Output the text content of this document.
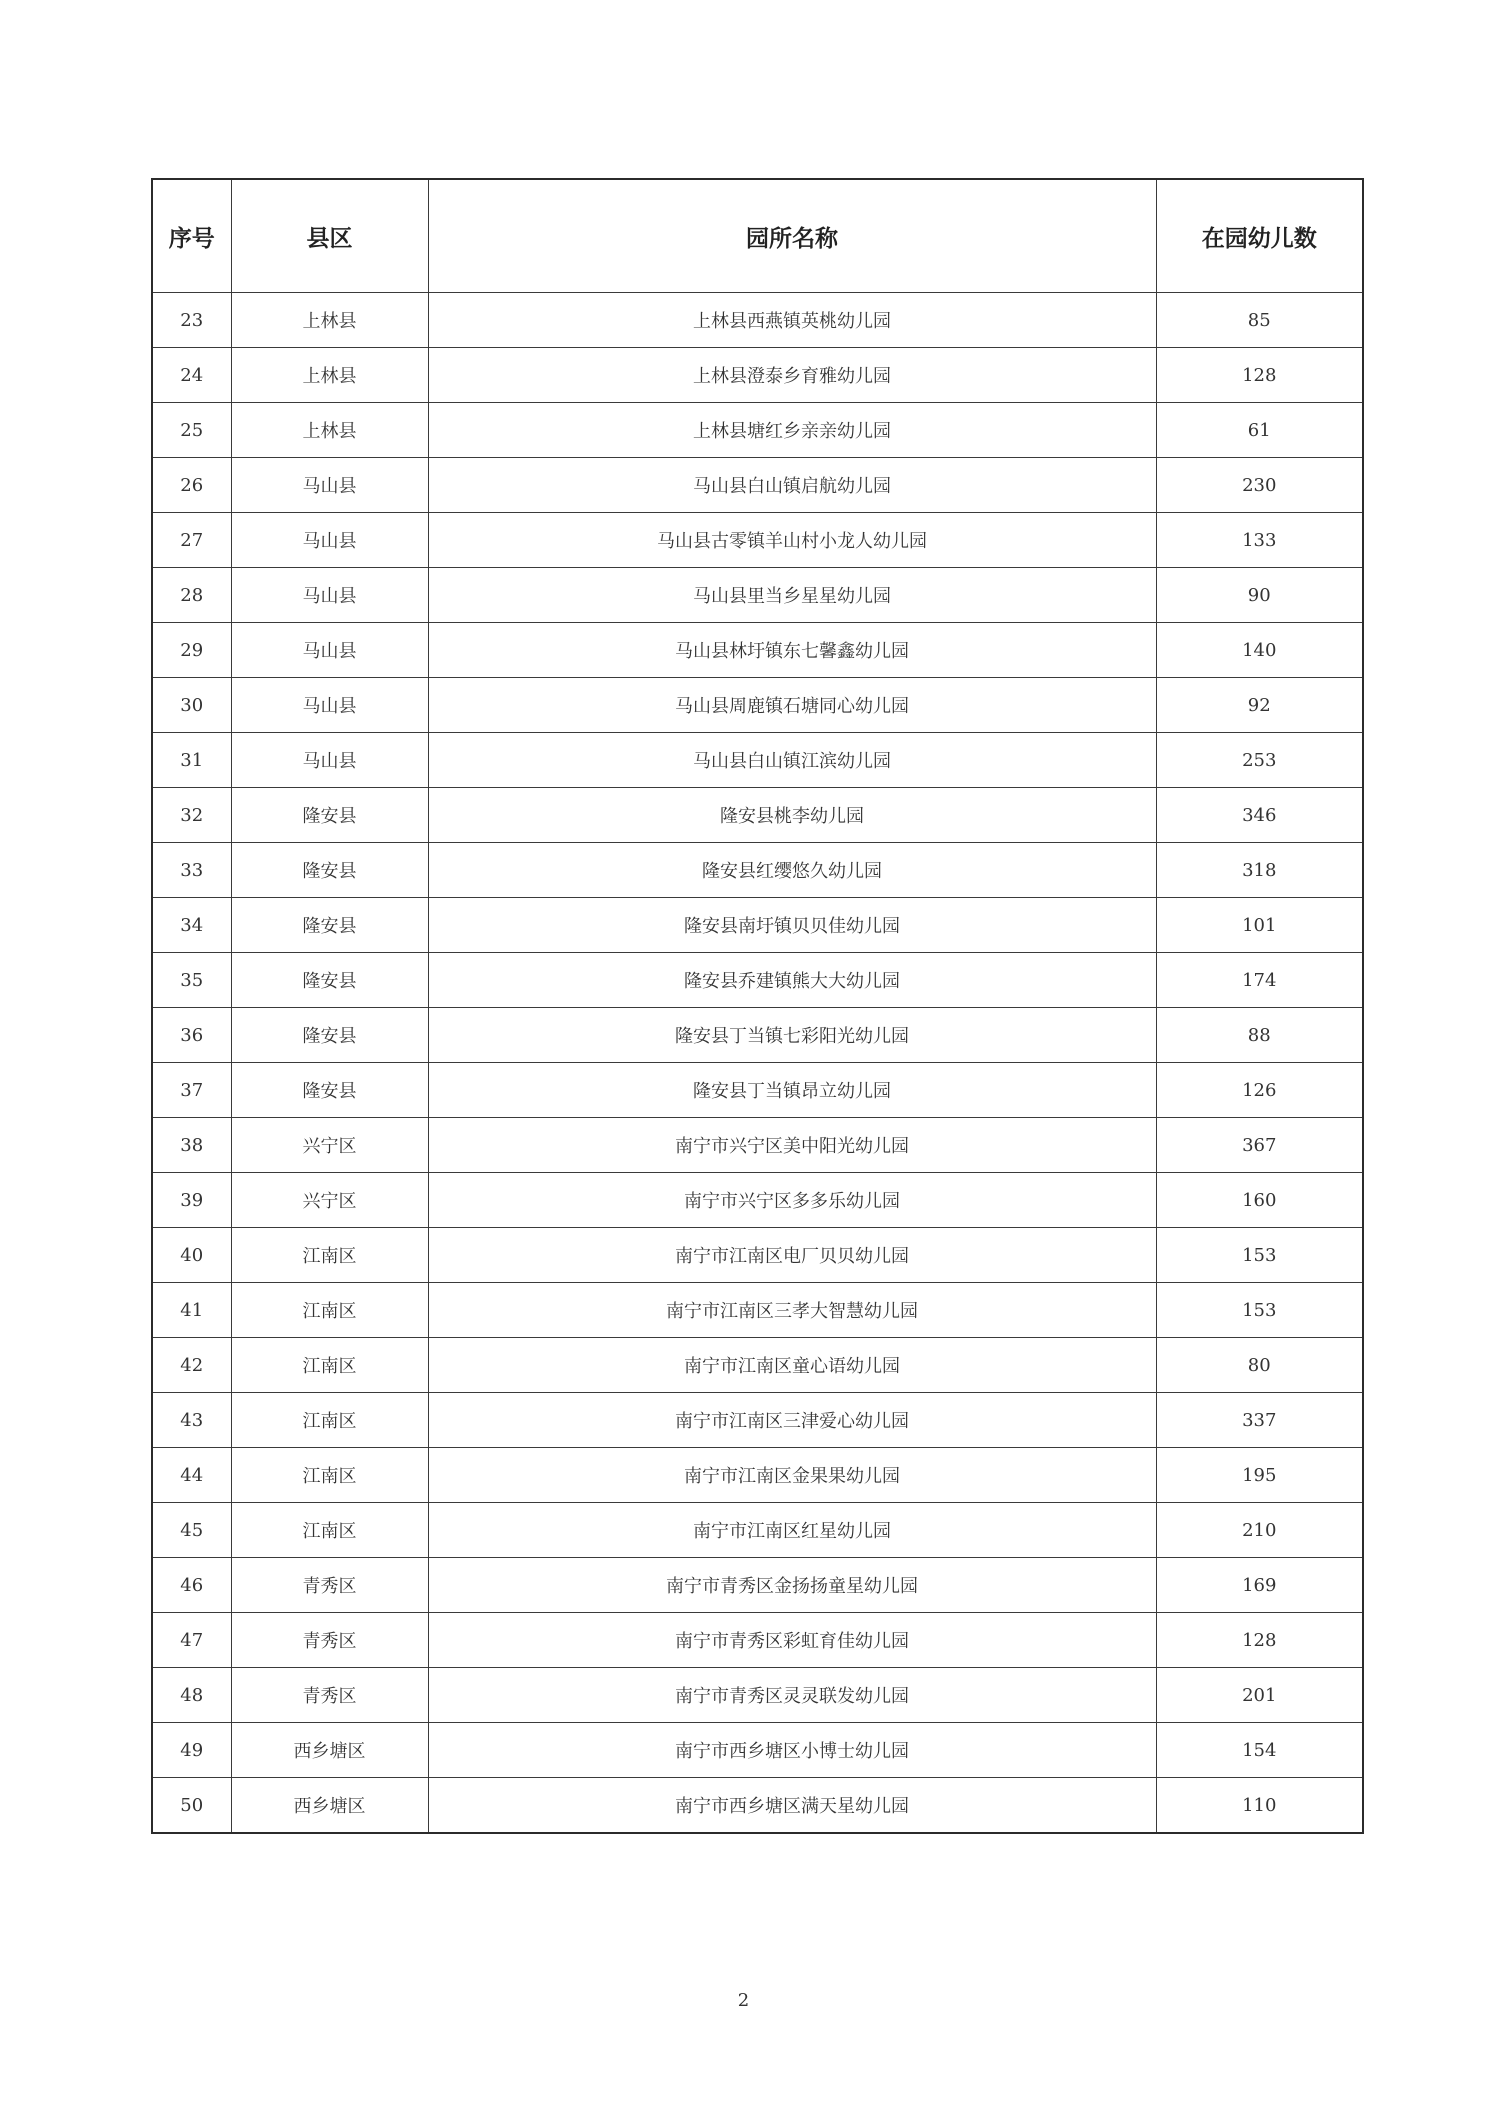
序号	县区	园所名称	在园幼儿数
23	上林县	上林县西燕镇英桃幼儿园	85
24	上林县	上林县澄泰乡育雅幼儿园	128
25	上林县	上林县塘红乡亲亲幼儿园	61
26	马山县	马山县白山镇启航幼儿园	230
27	马山县	马山县古零镇羊山村小龙人幼儿园	133
28	马山县	马山县里当乡星星幼儿园	90
29	马山县	马山县林圩镇东七馨鑫幼儿园	140
30	马山县	马山县周鹿镇石塘同心幼儿园	92
31	马山县	马山县白山镇江滨幼儿园	253
32	隆安县	隆安县桃李幼儿园	346
33	隆安县	隆安县红缨悠久幼儿园	318
34	隆安县	隆安县南圩镇贝贝佳幼儿园	101
35	隆安县	隆安县乔建镇熊大大幼儿园	174
36	隆安县	隆安县丁当镇七彩阳光幼儿园	88
37	隆安县	隆安县丁当镇昂立幼儿园	126
38	兴宁区	南宁市兴宁区美中阳光幼儿园	367
39	兴宁区	南宁市兴宁区多多乐幼儿园	160
40	江南区	南宁市江南区电厂贝贝幼儿园	153
41	江南区	南宁市江南区三孝大智慧幼儿园	153
42	江南区	南宁市江南区童心语幼儿园	80
43	江南区	南宁市江南区三津爱心幼儿园	337
44	江南区	南宁市江南区金果果幼儿园	195
45	江南区	南宁市江南区红星幼儿园	210
46	青秀区	南宁市青秀区金扬扬童星幼儿园	169
47	青秀区	南宁市青秀区彩虹育佳幼儿园	128
48	青秀区	南宁市青秀区灵灵联发幼儿园	201
49	西乡塘区	南宁市西乡塘区小博士幼儿园	154
50	西乡塘区	南宁市西乡塘区满天星幼儿园	110
2
